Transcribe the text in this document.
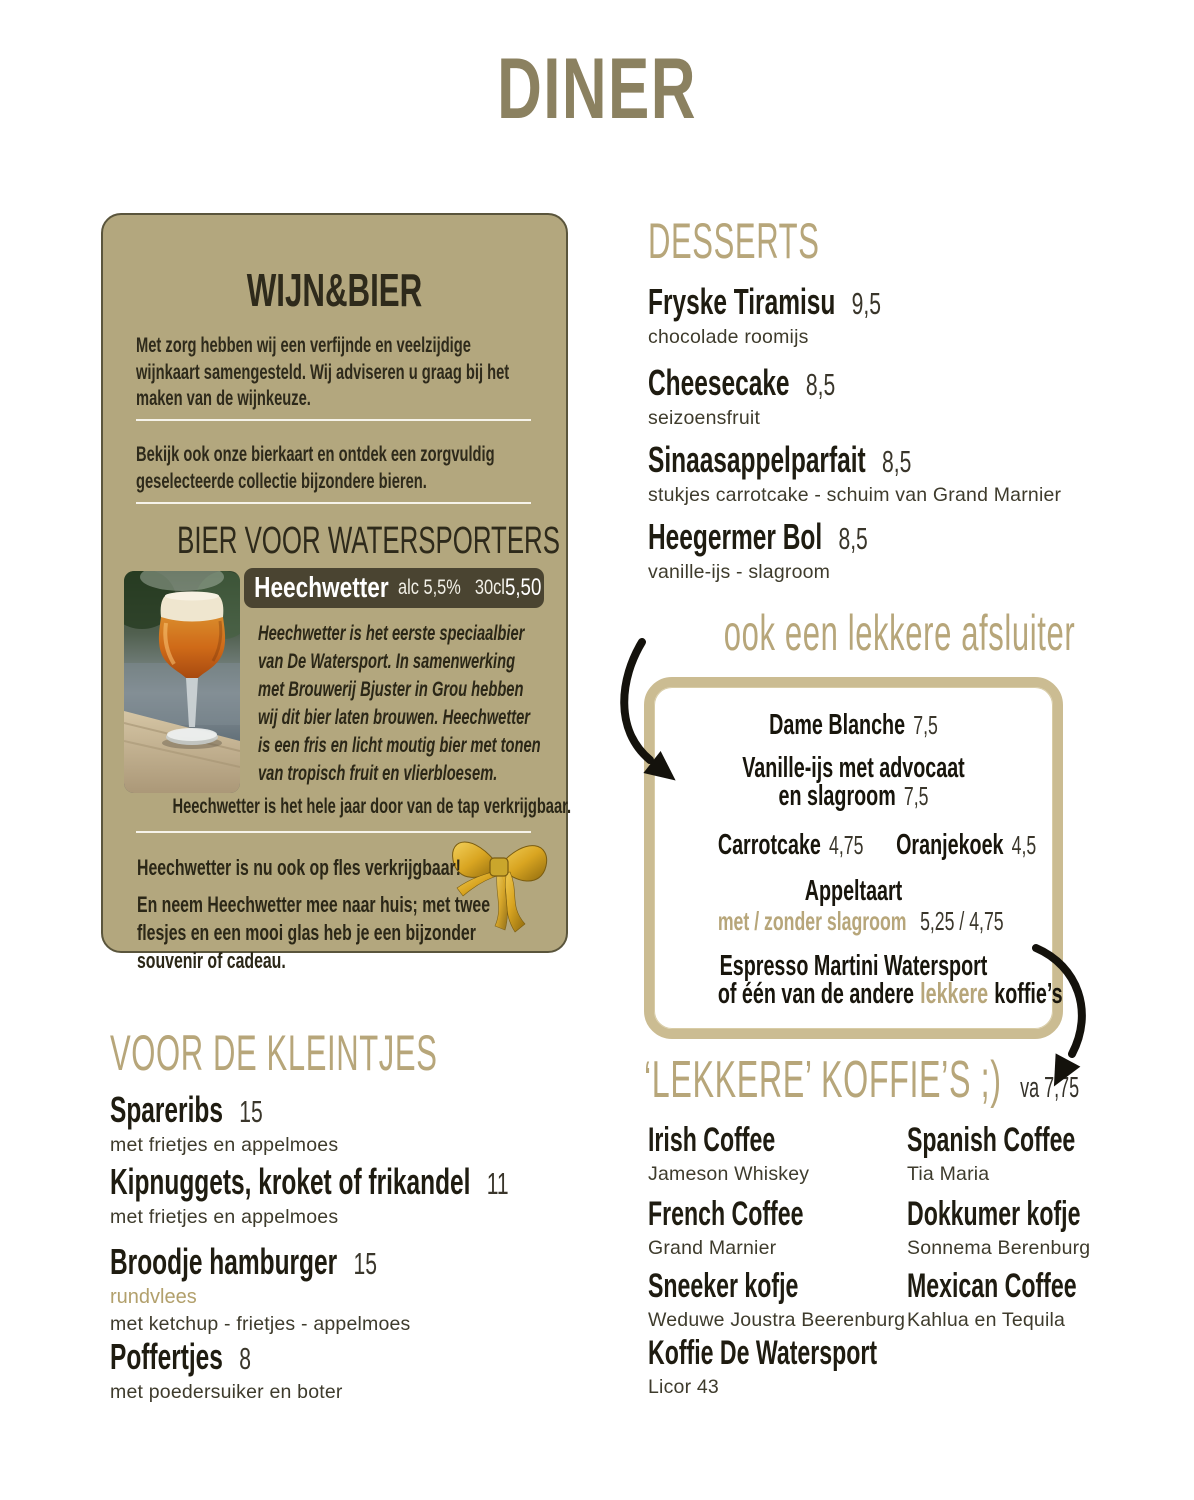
DINER
WIJN&BIER
Met zorg hebben wij een verfijnde en veelzijdige wijnkaart samengesteld. Wij adviseren u graag bij het maken van de wijnkeuze.
Bekijk ook onze bierkaart en ontdek een zorgvuldig geselecteerde collectie bijzondere bieren.
BIER VOOR WATERSPORTERS
Heechwetter alc 5,5% 30cl 5,50
Heechwetter is het eerste speciaalbier van De Watersport. In samenwerking met Brouwerij Bjuster in Grou hebben wij dit bier laten brouwen. Heechwetter is een fris en licht moutig bier met tonen van tropisch fruit en vlierbloesem.
Heechwetter is het hele jaar door van de tap verkrijgbaar.
Heechwetter is nu ook op fles verkrijgbaar!
En neem Heechwetter mee naar huis; met twee flesjes en een mooi glas heb je een bijzonder souvenir of cadeau.
DESSERTS
Fryske Tiramisu 9,5
chocolade roomijs
Cheesecake 8,5
seizoensfruit
Sinaasappelparfait 8,5
stukjes carrotcake - schuim van Grand Marnier
Heegermer Bol 8,5
vanille-ijs - slagroom
ook een lekkere afsluiter
Dame Blanche 7,5
Vanille-ijs met advocaat
en slagroom 7,5
Carrotcake 4,75 Oranjekoek 4,5
Appeltaart
met / zonder slagroom 5,25 / 4,75
Espresso Martini Watersport
of één van de andere lekkere koffie’s
‘LEKKERE’ KOFFIE’S ;) va 7,75
Irish Coffee
Jameson Whiskey
Spanish Coffee
Tia Maria
French Coffee
Grand Marnier
Dokkumer kofje
Sonnema Berenburg
Sneeker kofje
Weduwe Joustra Beerenburg
Mexican Coffee
Kahlua en Tequila
Koffie De Watersport
Licor 43
VOOR DE KLEINTJES
Spareribs 15
met frietjes en appelmoes
Kipnuggets, kroket of frikandel 11
met frietjes en appelmoes
Broodje hamburger 15
rundvlees
met ketchup - frietjes - appelmoes
Poffertjes 8
met poedersuiker en boter
